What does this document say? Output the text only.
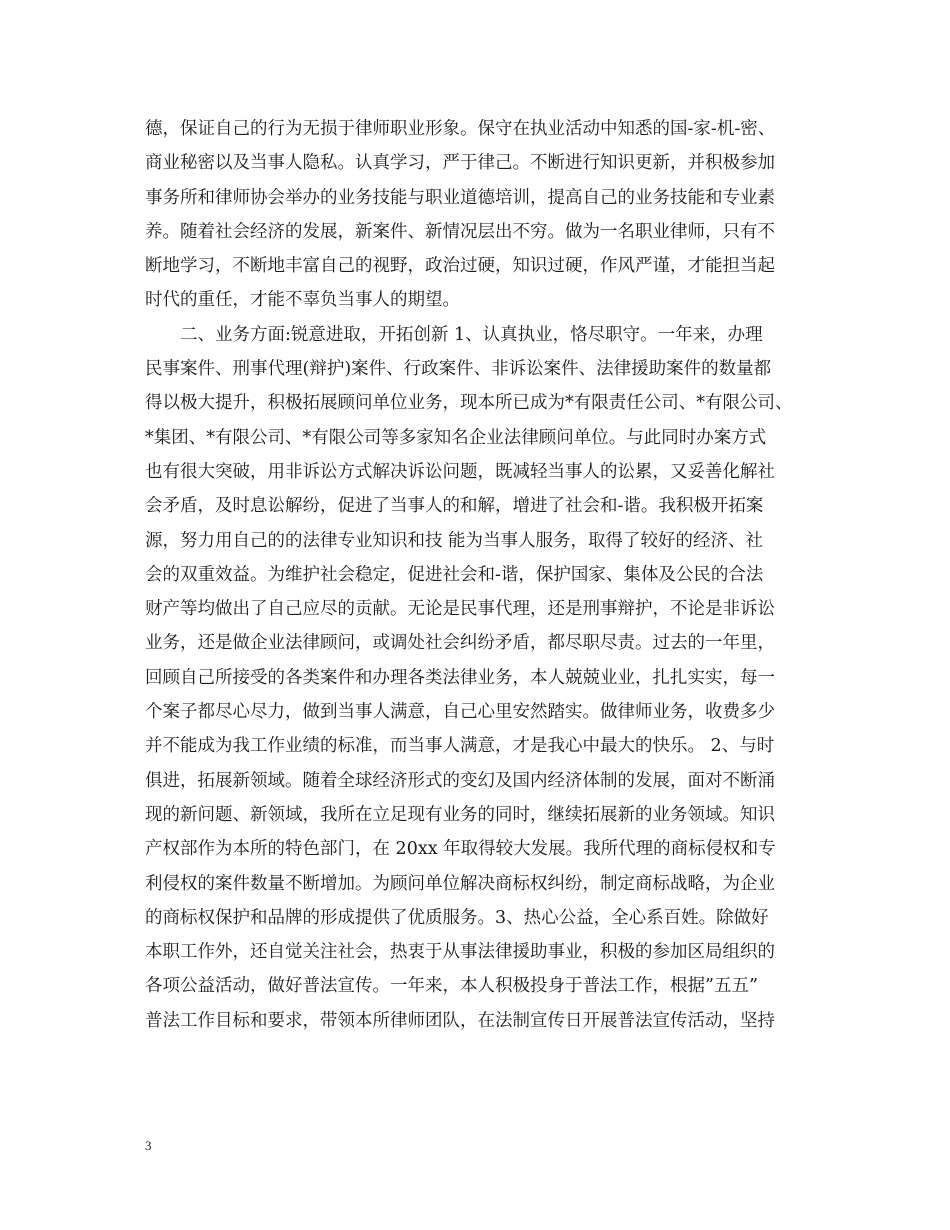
德，保证自己的行为无损于律师职业形象。保守在执业活动中知悉的国-家-机-密、
商业秘密以及当事人隐私。认真学习，严于律己。不断进行知识更新，并积极参加
事务所和律师协会举办的业务技能与职业道德培训，提高自己的业务技能和专业素
养。随着社会经济的发展，新案件、新情况层出不穷。做为一名职业律师，只有不
断地学习，不断地丰富自己的视野，政治过硬，知识过硬，作风严谨，才能担当起
时代的重任，才能不辜负当事人的期望。
二、业务方面:锐意进取，开拓创新 1、认真执业，恪尽职守。一年来，办理
民事案件、刑事代理(辩护)案件、行政案件、非诉讼案件、法律援助案件的数量都
得以极大提升，积极拓展顾问单位业务，现本所已成为*有限责任公司、*有限公司、
*集团、*有限公司、*有限公司等多家知名企业法律顾问单位。与此同时办案方式
也有很大突破，用非诉讼方式解决诉讼问题，既减轻当事人的讼累，又妥善化解社
会矛盾，及时息讼解纷，促进了当事人的和解，增进了社会和-谐。我积极开拓案
源，努力用自己的的法律专业知识和技 能为当事人服务，取得了较好的经济、社
会的双重效益。为维护社会稳定，促进社会和-谐，保护国家、集体及公民的合法
财产等均做出了自己应尽的贡献。无论是民事代理，还是刑事辩护，不论是非诉讼
业务，还是做企业法律顾问，或调处社会纠纷矛盾，都尽职尽责。过去的一年里，
回顾自己所接受的各类案件和办理各类法律业务，本人兢兢业业，扎扎实实，每一
个案子都尽心尽力，做到当事人满意，自己心里安然踏实。做律师业务，收费多少
并不能成为我工作业绩的标准，而当事人满意，才是我心中最大的快乐。 2、与时
俱进，拓展新领域。随着全球经济形式的变幻及国内经济体制的发展，面对不断涌
现的新问题、新领域，我所在立足现有业务的同时，继续拓展新的业务领域。知识
产权部作为本所的特色部门，在 20xx 年取得较大发展。我所代理的商标侵权和专
利侵权的案件数量不断增加。为顾问单位解决商标权纠纷，制定商标战略，为企业
的商标权保护和品牌的形成提供了优质服务。3、热心公益，全心系百姓。除做好
本职工作外，还自觉关注社会，热衷于从事法律援助事业，积极的参加区局组织的
各项公益活动，做好普法宣传。一年来，本人积极投身于普法工作，根据”五五”
普法工作目标和要求，带领本所律师团队，在法制宣传日开展普法宣传活动，坚持
3
